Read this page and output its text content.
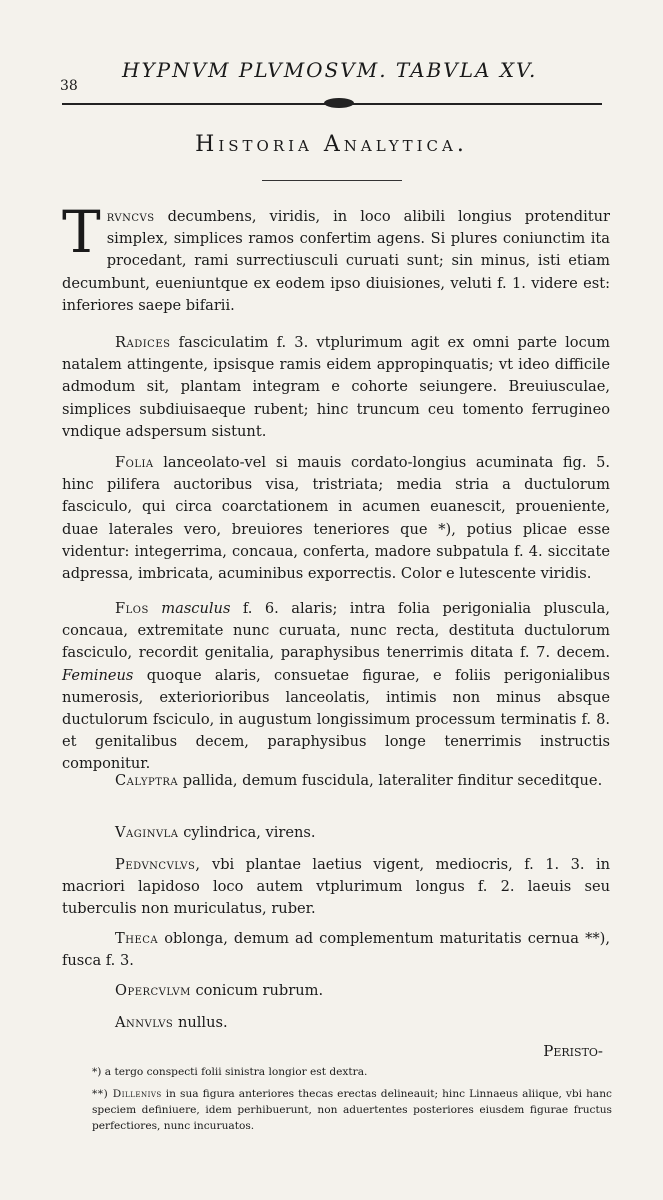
38
HYPNVM PLVMOSVM. TABVLA XV.
Historia Analytica.

T rvncvs decumbens, viridis, in loco alibili longius protenditur simplex, simplices ramos confertim agens. Si plures coniunctim ita procedant, rami surrectiusculi curuati sunt; sin minus, isti etiam decumbunt, eueniuntque ex eodem ipso diuisiones, veluti f. 1. videre est: inferiores saepe bifarii.

Radices fasciculatim f. 3. vtplurimum agit ex omni parte locum natalem attingente, ipsisque ramis eidem appropinquatis; vt ideo difficile admodum sit, plantam integram e cohorte seiungere. Breuiusculae, simplices subdiuisaeque rubent; hinc truncum ceu tomento ferrugineo vndique adspersum sistunt.

Folia lanceolato-vel si mauis cordato-longius acuminata fig. 5. hinc pilifera auctoribus visa, tristriata; media stria a ductulorum fasciculo, qui circa coarctationem in acumen euanescit, prouenientе, duae laterales vero, breuiores teneriores que *), potius plicae esse videntur: integerrima, concaua, conferta, madore subpatula f. 4. siccitate adpressa, imbricata, acuminibus exporrectis. Color e lutescente viridis.

Flos masculus f. 6. alaris; intra folia perigonialia pluscula, concaua, extremitate nunc curuata, nunc recta, destituta ductulorum fasciculo, recordit genitalia, paraphysibus tenerrimis ditata f. 7. decem. Femineus quoque alaris, consuetae figurae, e foliis perigonialibus numerosis, exteriorioribus lanceolatis, intimis non minus absque ductulorum fsciculo, in augustum longissimum processum terminatis f. 8. et genitalibus decem, paraphysibus longe tenerrimis instructis componitur.

Calyptra pallida, demum fuscidula, lateraliter finditur seceditque.

Vaginvla cylindrica, virens.

Pedvncvlvs, vbi plantae laetius vigent, mediocris, f. 1. 3. in macriori lapidoso loco autem vtplurimum longus f. 2. laeuis seu tuberculis non muriculatus, ruber.

Theca oblonga, demum ad complementum maturitatis cernua **), fusca f. 3.

Opercvlvm conicum rubrum.

Annvlvs nullus.

Peristo-

*) a tergo conspecti folii sinistra longior est dextra.

**) Dillenivs in sua figura anteriores thecas erectas delineauit; hinc Linnaeus aliique, vbi hanc speciem definiuere, idem perhibuerunt, non aduertentes posteriores eiusdem figurae fructus perfectiores, nunc incuruatos.
